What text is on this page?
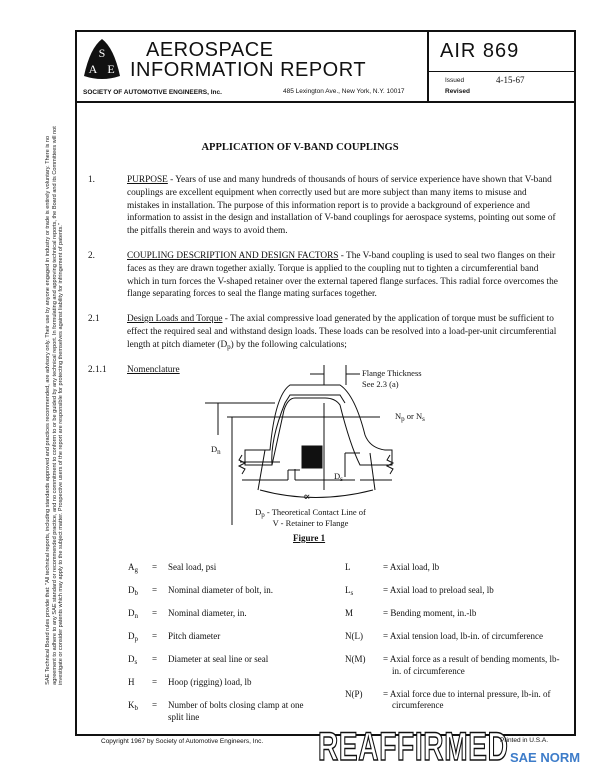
S
A E
AEROSPACE
INFORMATION REPORT
SOCIETY OF AUTOMOTIVE ENGINEERS, Inc.	485 Lexington Ave., New York, N.Y. 10017
AIR 869
Issued	4-15-67
Revised
SAE Technical Board rules provide that: "All technical reports, including standards approved and practices recommended, are advisory only. Their use by anyone engaged in industry or trade is entirely voluntary. There is no agreement to adhere to any SAE standard or recommended practice, and no commitment to conform to or be guided by any technical report. In formulating and approving technical reports, the Board and its Committees will not investigate or consider patents which may apply to the subject matter. Prospective users of the report are responsible for protecting themselves against liability for infringement of patents."
APPLICATION OF V-BAND COUPLINGS
1.	PURPOSE - Years of use and many hundreds of thousands of hours of service experience have shown that V-band couplings are excellent equipment when correctly used but are more subject than many items to misuse and mistakes in installation. The purpose of this information report is to provide a background of experience and information to assist in the design and installation of V-band couplings for aerospace systems, pointing out some of the pitfalls therein and ways to avoid them.
2.	COUPLING DESCRIPTION AND DESIGN FACTORS - The V-band coupling is used to seal two flanges on their faces as they are drawn together axially. Torque is applied to the coupling nut to tighten a circumferential band which in turn forces the V-shaped retainer over the external tapered flange surfaces. This radial force overcomes the flange separating forces to seal the flange mating surfaces together.
2.1	Design Loads and Torque - The axial compressive load generated by the application of torque must be sufficient to effect the required seal and withstand design loads. These loads can be resolved into a load-per-unit circumferential length at pitch diameter $(D_p)$ by the following calculations;
2.1.1 Nomenclature	Flange Thickness
See 2.3 (a)
$N_p$ or $N_s$
$D_n$
$D_s$
∝
$D_p$ - Theoretical Contact Line of
V - Retainer to Flange
Figure 1
$A_g$ = Seal load, psi
$D_b$ = Nominal diameter of bolt, in.
$D_n$ = Nominal diameter, in.
$D_p$ = Pitch diameter
$D_s$ = Diameter at seal line or seal
H = Hoop (rigging) load, lb
$K_b$ = Number of bolts closing clamp at one split line
L	= Axial load, lb
$L_s$	= Axial load to preload seal, lb
M	= Bending moment, in.-lb
N(L) = Axial tension load, lb-in. of circumference
N(M) = Axial force as a result of bending moments, lb-in. of circumference
N(P) = Axial force due to internal pressure, lb-in. of circumference
Copyright 1967 by Society of Automotive Engineers, Inc. REAFFIRMED
Printed in U.S.A.
SAE NORM
